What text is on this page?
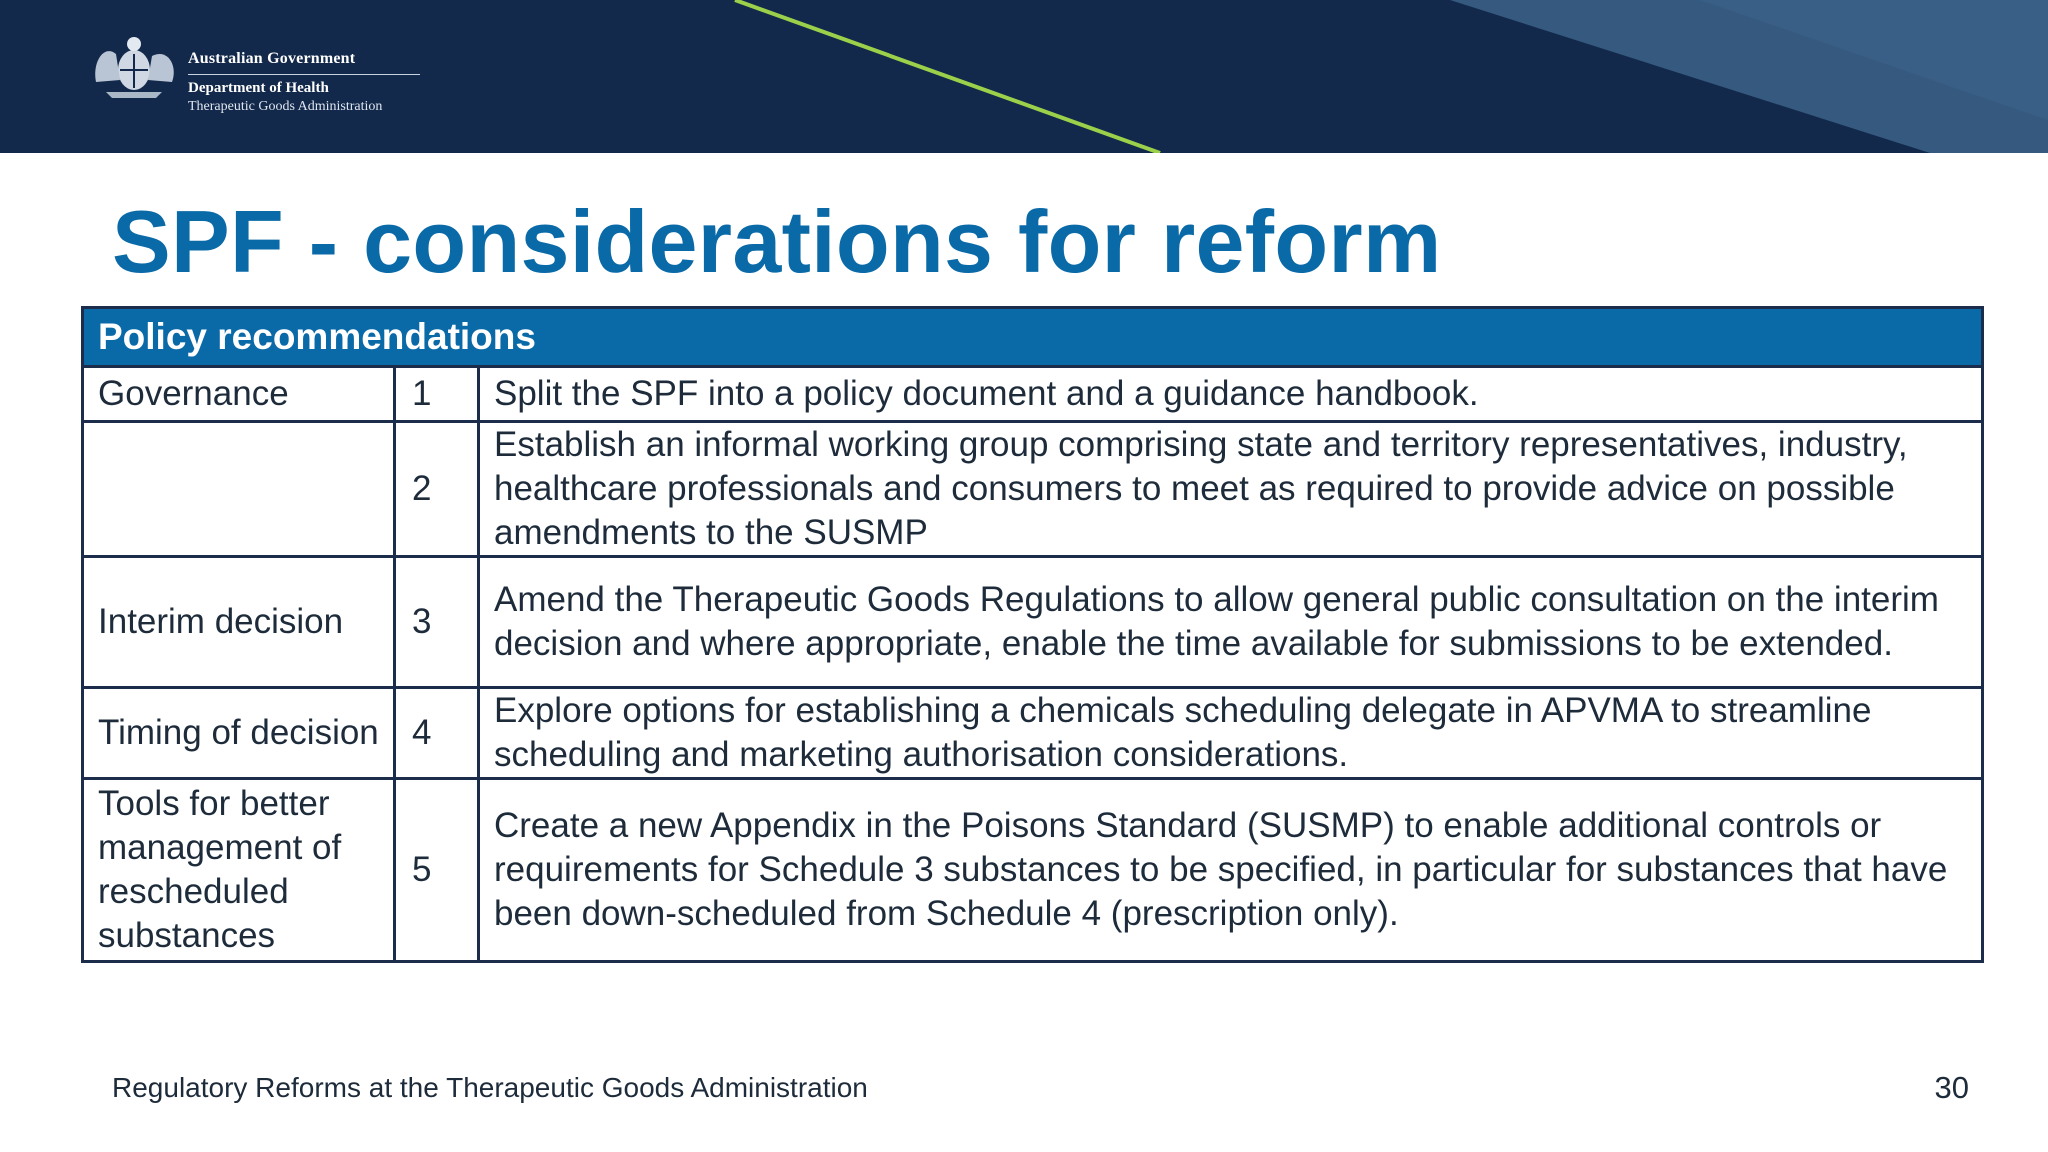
Australian Government
Department of Health
Therapeutic Goods Administration
SPF - considerations for reform
Policy recommendations		
Governance	1	Split the SPF into a policy document and a guidance handbook.
	2	Establish an informal working group comprising state and territory representatives, industry, healthcare professionals and consumers to meet as required to provide advice on possible amendments to the SUSMP
Interim decision	3	Amend the Therapeutic Goods Regulations to allow general public consultation on the interim decision and where appropriate, enable the time available for submissions to be extended.
Timing of decision	4	Explore options for establishing a chemicals scheduling delegate in APVMA to streamline scheduling and marketing authorisation considerations.
Tools for better management of rescheduled substances	5	Create a new Appendix in the Poisons Standard (SUSMP) to enable additional controls or requirements for Schedule 3 substances to be specified, in particular for substances that have been down-scheduled from Schedule 4 (prescription only).
Regulatory Reforms at the Therapeutic Goods Administration	30
